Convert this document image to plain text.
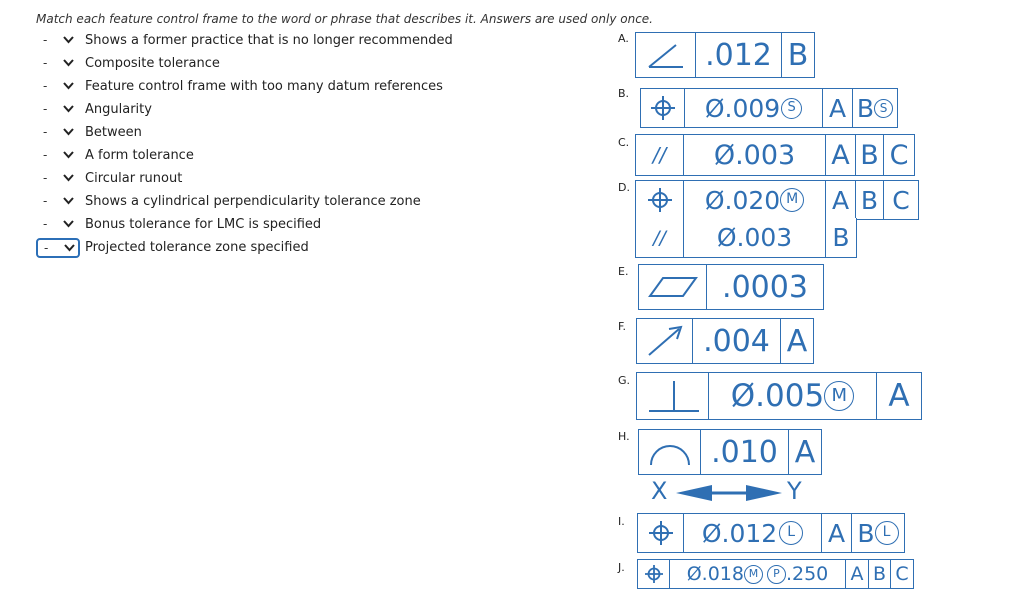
Match each feature control frame to the word or phrase that describes it. Answers are used only once.
-	Shows a former practice that is no longer recommended
-	Composite tolerance
-	Feature control frame with too many datum references
-	Angularity
-	Between
-	A form tolerance
-	Circular runout
-	Shows a cylindrical perpendicularity tolerance zone
-	Bonus tolerance for LMC is specified
-	Projected tolerance zone specified
A.	.012 B
B.	Ø.009 S A B S
C.
//	Ø.003	A B C
D.	Ø.020 M A B C
//	Ø.003	B
E.	.0003
F.	.004 A
G.	Ø.005 M	A
H.	.010 A
X	Y
I.	Ø.012 L	A B L
J.	Ø.018 M	P .250 A B C
